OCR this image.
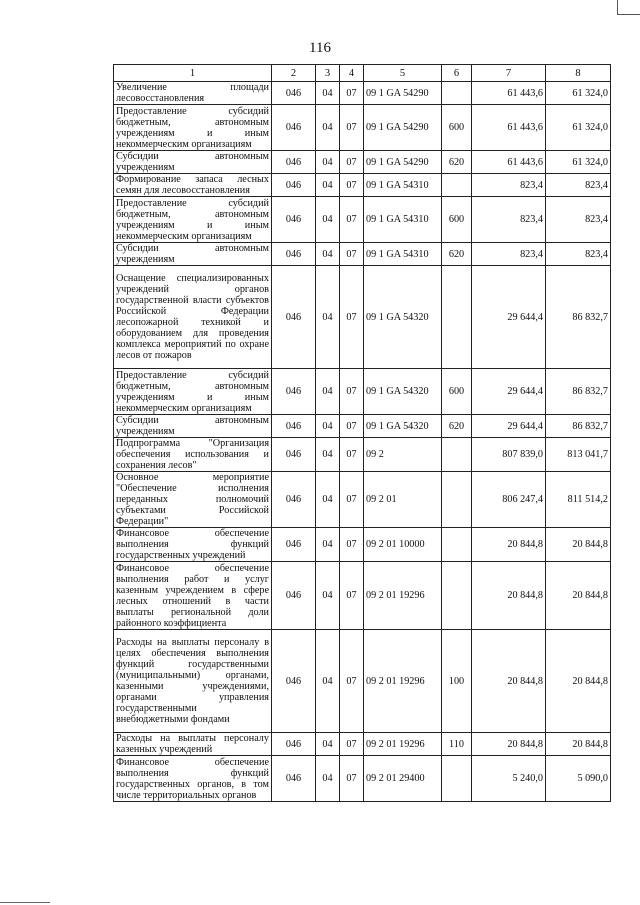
116
1	2	3	4	5	6	7	8
Увеличение площади лесовосстановления	046	04	07	09 1 GA 54290		61 443,6	61 324,0
Предоставление субсидий бюджетным, автономным учреждениям и иным некоммерческим организациям	046	04	07	09 1 GA 54290	600	61 443,6	61 324,0
Субсидии автономным учреждениям	046	04	07	09 1 GA 54290	620	61 443,6	61 324,0
Формирование запаса лесных семян для лесовосстановления	046	04	07	09 1 GA 54310		823,4	823,4
Предоставление субсидий бюджетным, автономным учреждениям и иным некоммерческим организациям	046	04	07	09 1 GA 54310	600	823,4	823,4
Субсидии автономным учреждениям	046	04	07	09 1 GA 54310	620	823,4	823,4
Оснащение специализированных учреждений органов государственной власти субъектов Российской Федерации лесопожарной техникой и оборудованием для проведения комплекса мероприятий по охране лесов от пожаров	046	04	07	09 1 GA 54320		29 644,4	86 832,7
Предоставление субсидий бюджетным, автономным учреждениям и иным некоммерческим организациям	046	04	07	09 1 GA 54320	600	29 644,4	86 832,7
Субсидии автономным учреждениям	046	04	07	09 1 GA 54320	620	29 644,4	86 832,7
Подпрограмма "Организация обеспечения использования и сохранения лесов"	046	04	07	09 2		807 839,0	813 041,7
Основное мероприятие "Обеспечение исполнения переданных полномочий субъектами Российской Федерации"	046	04	07	09 2 01		806 247,4	811 514,2
Финансовое обеспечение выполнения функций государственных учреждений	046	04	07	09 2 01 10000		20 844,8	20 844,8
Финансовое обеспечение выполнения работ и услуг казенным учреждением в сфере лесных отношений в части выплаты региональной доли районного коэффициента	046	04	07	09 2 01 19296		20 844,8	20 844,8
Расходы на выплаты персоналу в целях обеспечения выполнения функций государственными (муниципальными) органами, казенными учреждениями, органами управления государственными внебюджетными фондами	046	04	07	09 2 01 19296	100	20 844,8	20 844,8
Расходы на выплаты персоналу казенных учреждений	046	04	07	09 2 01 19296	110	20 844,8	20 844,8
Финансовое обеспечение выполнения функций государственных органов, в том числе территориальных органов	046	04	07	09 2 01 29400		5 240,0	5 090,0
